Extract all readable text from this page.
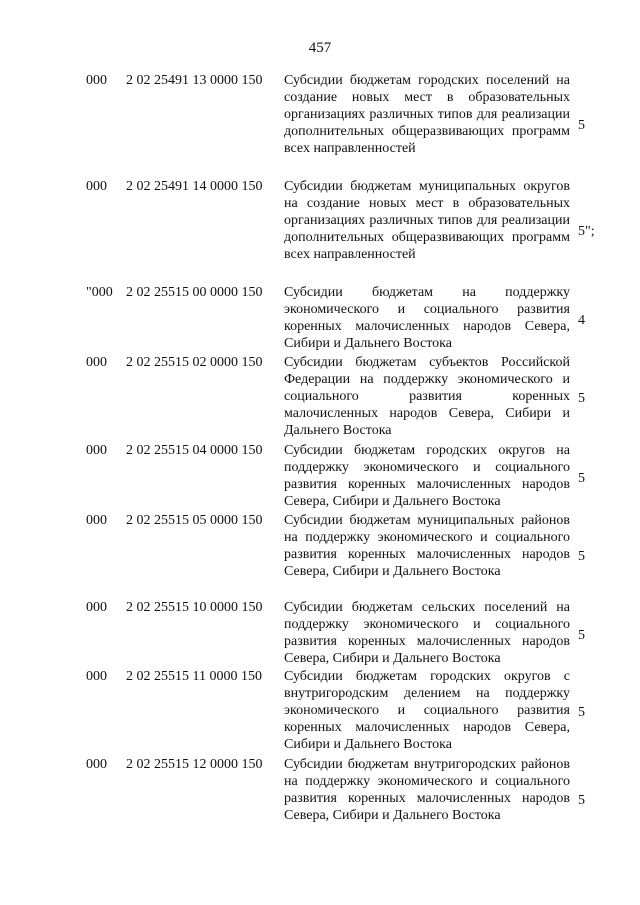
457
000 2 02 25491 13 0000 150 Субсидии бюджетам городских поселений на создание новых мест в образовательных организациях различных типов для реализации дополнительных общеразвивающих программ всех направленностей
5
000 2 02 25491 14 0000 150 Субсидии бюджетам муниципальных округов на создание новых мест в образовательных организациях различных типов для реализации дополнительных общеразвивающих программ всех направленностей
5";
"000 2 02 25515 00 0000 150 Субсидии бюджетам на поддержку экономического и социального развития коренных малочисленных народов Севера, Сибири и Дальнего Востока
4
000 2 02 25515 02 0000 150 Субсидии бюджетам субъектов Российской Федерации на поддержку экономического и социального развития коренных малочисленных народов Севера, Сибири и Дальнего Востока
5
000 2 02 25515 04 0000 150 Субсидии бюджетам городских округов на поддержку экономического и социального развития коренных малочисленных народов Севера, Сибири и Дальнего Востока
5
000 2 02 25515 05 0000 150 Субсидии бюджетам муниципальных районов на поддержку экономического и социального развития коренных малочисленных народов Севера, Сибири и Дальнего Востока
5
000 2 02 25515 10 0000 150 Субсидии бюджетам сельских поселений на поддержку экономического и социального развития коренных малочисленных народов Севера, Сибири и Дальнего Востока
5
000 2 02 25515 11 0000 150 Субсидии бюджетам городских округов с внутригородским делением на поддержку экономического и социального развития коренных малочисленных народов Севера, Сибири и Дальнего Востока
5
000 2 02 25515 12 0000 150 Субсидии бюджетам внутригородских районов на поддержку экономического и социального развития коренных малочисленных народов Севера, Сибири и Дальнего Востока
5
